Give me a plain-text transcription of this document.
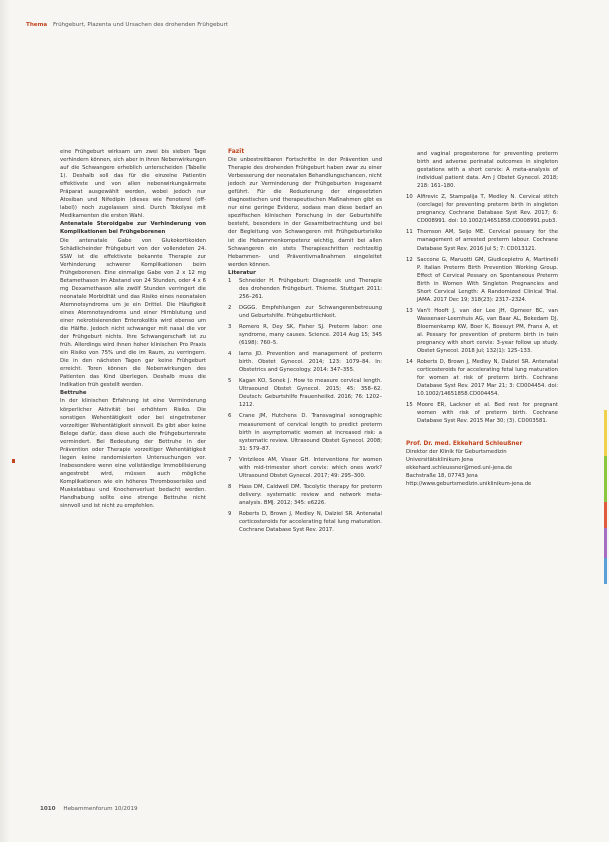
Thema Frühgeburt, Plazenta und Ursachen des drohenden Frühgeburt

eine Frühgeburt wirksam um zwei bis sieben Tage verhindern können, sich aber in ihren Nebenwirkungen auf die Schwangere erheblich unterscheiden (Tabelle 1). Deshalb soll das für die einzelne Patientin effektivste und von allen nebenwirkungsärmste Präparat ausgewählt werden, wobei jedoch nur Atosiban und Nifedipin (dieses wie Fenoterol (off-label)) noch zugelassen sind. Durch Tokolyse mit Medikamenten die ersten Wahl.

Antenatale Steroidgabe zur Verhinderung von Komplikationen bei Frühgeborenen

Die antenatale Gabe von Glukokortikoiden Schädlicheinder Frühgeburt von der vollendeten 24. SSW ist die effektivste bekannte Therapie zur Verhinderung schwerer Komplikationen beim Frühgeborenen. Eine einmalige Gabe von 2 x 12 mg Betamethason im Abstand von 24 Stunden, oder 4 x 6 mg Dexamethason alle zwölf Stunden verringert die neonatale Morbidität und das Risiko eines neonatalen Atemnotsyndroms um je ein Drittel. Die Häufigkeit eines Atemnotsyndroms und einer Hirnblutung und einer nekrotisierenden Enterokolitis wird ebenso um die Hälfte. Jedoch nicht schwanger mit nasal die vor der Frühgeburt nichts. Ihre Schwangerschaft ist zu früh. Allerdings wird ihnen hoher klinischen Pro Praxis ein Risiko von 75% und die im Raum, zu verringern. Die in den nächsten Tagen gar keine Frühgeburt erreicht. Toren können die Nebenwirkungen des Patienten das Kind überlegen. Deshalb muss die Indikation früh gestellt werden.

Bettruhe

In der klinischen Erfahrung ist eine Verminderung körperlicher Aktivität bei erhöhtem Risiko. Die sonstigen Wehentätigkeit oder bei eingetretener vorzeitiger Wehentätigkeit sinnvoll. Es gibt aber keine Belege dafür, dass diese auch die Frühgeburtenrate vermindert. Bei Bedeutung der Bettruhe in der Prävention oder Therapie vorzeitiger Wehentätigkeit liegen keine randomisierten Untersuchungen vor. Insbesondere wenn eine vollständige Immobilisierung angestrebt wird, müssen auch mögliche Komplikationen wie ein höheres Thromboserisiko und Muskelabbau und Knochenverlust bedacht werden. Handhabung sollte eine strenge Bettruhe nicht sinnvoll und ist nicht zu empfehlen.

Fazit

Die unbestreitbaren Fortschritte in der Prävention und Therapie des drohenden Frühgeburt haben zwar zu einer Verbesserung der neonatalen Behandlungschancen, nicht jedoch zur Verminderung der Frühgeburten insgesamt geführt. Für die Reduzierung der eingesetzten diagnostischen und therapeutischen Maßnahmen gibt es nur eine geringe Evidenz, sodass man diese bedarf an spezifischen klinischen Forschung in der Geburtshilfe besteht, besonders in der Gesamtbetrachtung und bei der Begleitung von Schwangeren mit Frühgeburtsrisiko ist die Hebammenkompetenz wichtig, damit bei allen Schwangeren ein stets Therapieschritten rechtzeitig Hebammen- und Präventivmaßnahmen eingeleitet werden können.

Literatur

1	Schneider H. Frühgeburt: Diagnostik und Therapie des drohenden Frühgeburt. Thieme. Stuttgart 2011: 256–261.
2	DGGG. Empfehlungen zur Schwangerenbetreuung und Geburtshilfe. Frühgeburtlichkeit.
3	Romero R, Dey SK, Fisher SJ. Preterm labor: one syndrome, many causes. Science. 2014 Aug 15; 345 (6198): 760–5.
4	Iams JD. Prevention and management of preterm birth. Obstet Gynecol. 2014; 123: 1079–84. In: Obstetrics and Gynecology. 2014: 347–355.
5	Kagan KO, Sonek J. How to measure cervical length. Ultrasound Obstet Gynecol. 2015; 45: 358–62. Deutsch: Geburtshilfe Frauenheilkd. 2016; 76: 1202–1212.
6	Crane JM, Hutchens D. Transvaginal sonographic measurement of cervical length to predict preterm birth in asymptomatic women at increased risk: a systematic review. Ultrasound Obstet Gynecol. 2008; 31: 579–87.
7	Vintzileos AM, Visser GH. Interventions for women with mid-trimester short cervix: which ones work? Ultrasound Obstet Gynecol. 2017; 49: 295–300.
8	Hass DM, Caldwell DM. Tocolytic therapy for preterm delivery: systematic review and network meta-analysis. BMJ. 2012; 345: e6226.
9	Roberts D, Brown J, Medley N, Dalziel SR. Antenatal corticosteroids for accelerating fetal lung maturation. Cochrane Database Syst Rev. 2017.
and vaginal progesterone for preventing preterm birth and adverse perinatal outcomes in singleton gestations with a short cervix: A meta-analysis of individual patient data. Am J Obstet Gynecol. 2018; 218: 161–180.
10 Alfirevic Z, Stampalija T, Medley N. Cervical stitch (cerclage) for preventing preterm birth in singleton pregnancy. Cochrane Database Syst Rev. 2017; 6: CD008991. doi: 10.1002/14651858.CD008991.pub3.
11 Thomson AM, Seijo ME. Cervical pessary for the management of arrested preterm labour. Cochrane Database Syst Rev. 2016 Jul 5; 7: CD013121.
12 Saccone G, Maruotti GM, Giudicepietro A, Martinelli P. Italian Preterm Birth Prevention Working Group. Effect of Cervical Pessary on Spontaneous Preterm Birth in Women With Singleton Pregnancies and Short Cervical Length: A Randomized Clinical Trial. JAMA. 2017 Dec 19; 318(23): 2317–2324.
13 Van't Hooft J, van der Lee JH, Opmeer BC, van Wassenaer-Leemhuis AG, van Baar AL, Bekedam DJ, Bloemenkamp KW, Boer K, Bossuyt PM, Franx A, et al. Pessary for prevention of preterm birth in twin pregnancy with short cervix: 3-year follow up study. Obstet Gynecol. 2018 Jul; 132(1): 125–133.
14 Roberts D, Brown J, Medley N, Dalziel SR. Antenatal corticosteroids for accelerating fetal lung maturation for women at risk of preterm birth. Cochrane Database Syst Rev. 2017 Mar 21; 3: CD004454. doi: 10.1002/14651858.CD004454.
15 Moore ER, Lackner et al. Bed rest for pregnant women with risk of preterm birth. Cochrane Database Syst Rev. 2015 Mar 30; (3). CD003581.

Prof. Dr. med. Ekkehard Schleußner

Direktor der Klinik für Geburtsmedizin

Universitätsklinikum Jena

ekkehard.schleussner@med.uni-jena.de

Bachstraße 18, 07743 Jena

http://www.geburtsmedizin.uniklinikum-jena.de

1010 Hebammenforum 10/2019
